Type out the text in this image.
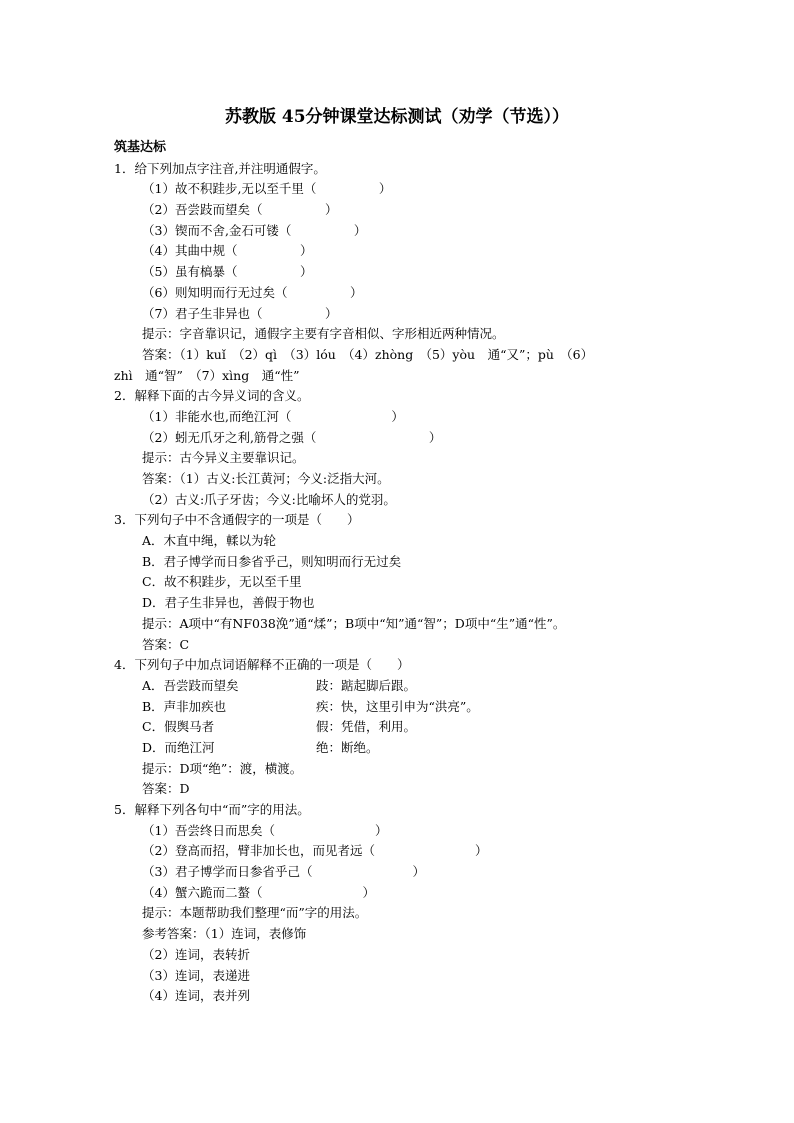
苏教版 45分钟课堂达标测试（劝学（节选））
筑基达标
1．给下列加点字注音,并注明通假字。
（1）故不积跬步,无以至千里（　　　　　）
（2）吾尝跂而望矣（　　　　　）
（3）锲而不舍,金石可镂（　　　　　）
（4）其曲中规（　　　　　）
（5）虽有槁暴（　　　　　）
（6）则知明而行无过矣（　　　　　）
（7）君子生非异也（　　　　　）
提示：字音靠识记，通假字主要有字音相似、字形相近两种情况。
答案：（1）kuǐ　（2）qì　（3）lóu　（4）zhòng　（5）yòu　通“又”；pù　（6）
zhì　通“智”　（7）xìng　通“性”
2．解释下面的古今异义词的含义。
（1）非能水也,而绝江河（　　　　　　　　）
（2）蚓无爪牙之利,筋骨之强（　　　　　　　　　）
提示：古今异义主要靠识记。
答案：（1）古义:长江黄河；今义:泛指大河。
（2）古义:爪子牙齿；今义:比喻坏人的党羽。
3．下列句子中不含通假字的一项是（　　）
A．木直中绳，輮以为轮
B．君子博学而日参省乎己，则知明而行无过矣
C．故不积跬步，无以至千里
D．君子生非异也，善假于物也
提示：A项中“有NF038浼”通“煣”；B项中“知”通“智”；D项中“生”通“性”。
答案：C
4．下列句子中加点词语解释不正确的一项是（　　）
A．吾尝跂而望矣	跂：踮起脚后跟。
B．声非加疾也	疾：快，这里引申为“洪亮”。
C．假舆马者	假：凭借，利用。
D．而绝江河	绝：断绝。
提示：D项“绝”：渡，横渡。
答案：D
5．解释下列各句中“而”字的用法。
（1）吾尝终日而思矣（　　　　　　　　）
（2）登高而招，臂非加长也，而见者远（　　　　　　　　）
（3）君子博学而日参省乎己（　　　　　　　　）
（4）蟹六跪而二螯（　　　　　　　　）
提示：本题帮助我们整理“而”字的用法。
参考答案：（1）连词，表修饰
（2）连词，表转折
（3）连词，表递进
（4）连词，表并列
